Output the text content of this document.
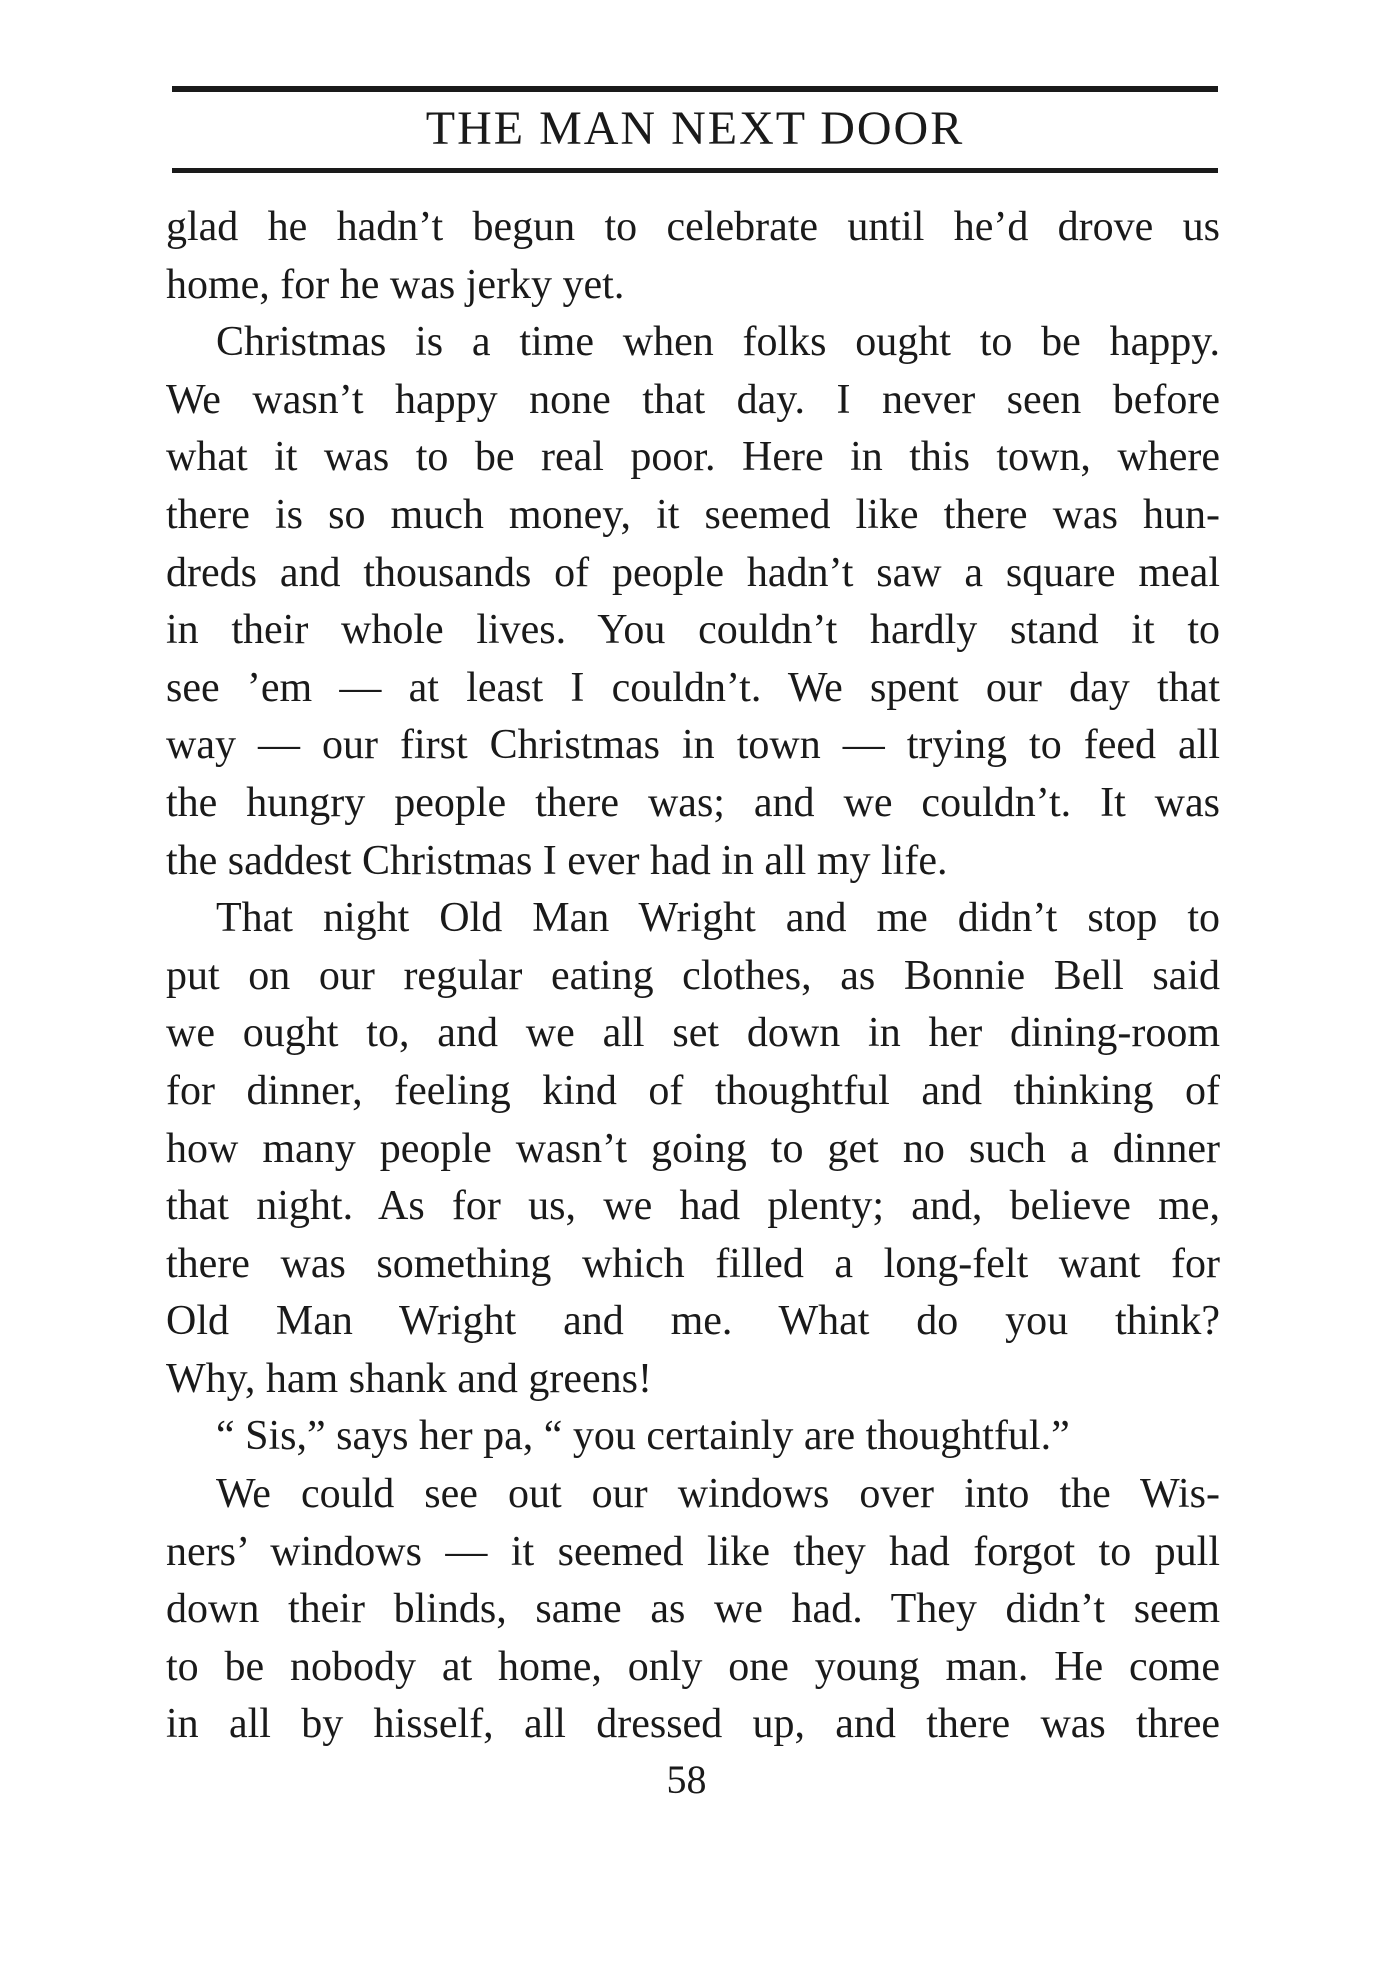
THE MAN NEXT DOOR
glad he hadn’t begun to celebrate until he’d drove us
home, for he was jerky yet.
Christmas is a time when folks ought to be happy.
We wasn’t happy none that day. I never seen before
what it was to be real poor. Here in this town, where
there is so much money, it seemed like there was hun-
dreds and thousands of people hadn’t saw a square meal
in their whole lives. You couldn’t hardly stand it to
see ’em — at least I couldn’t. We spent our day that
way — our first Christmas in town — trying to feed all
the hungry people there was; and we couldn’t. It was
the saddest Christmas I ever had in all my life.
That night Old Man Wright and me didn’t stop to
put on our regular eating clothes, as Bonnie Bell said
we ought to, and we all set down in her dining-room
for dinner, feeling kind of thoughtful and thinking of
how many people wasn’t going to get no such a dinner
that night. As for us, we had plenty; and, believe me,
there was something which filled a long-felt want for
Old Man Wright and me. What do you think?
Why, ham shank and greens!
“ Sis,” says her pa, “ you certainly are thoughtful.”
We could see out our windows over into the Wis-
ners’ windows — it seemed like they had forgot to pull
down their blinds, same as we had. They didn’t seem
to be nobody at home, only one young man. He come
in all by hisself, all dressed up, and there was three
58
